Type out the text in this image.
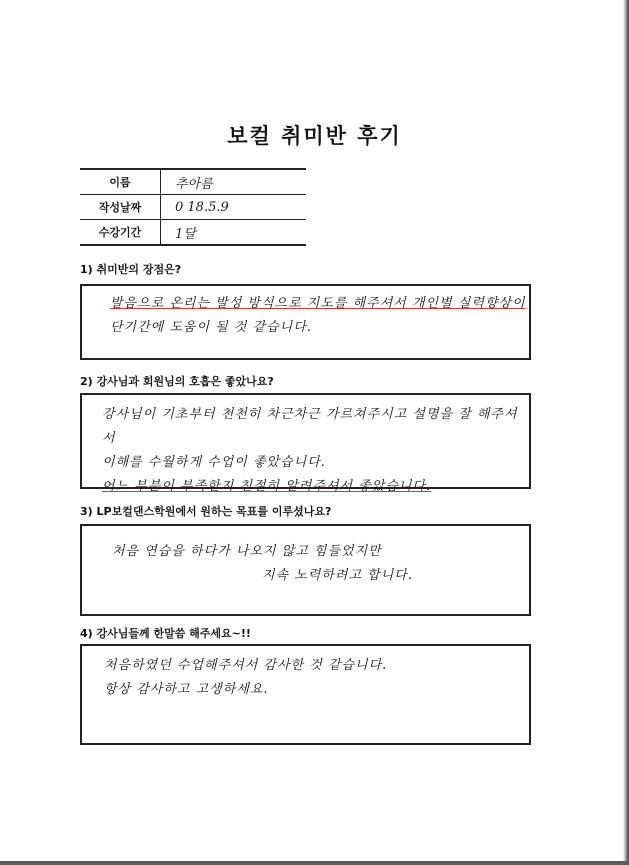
보컬 취미반 후기
이름	추아름
작성날짜	0 18.5.9
수강기간	1달
1) 취미반의 장점은?
발음으로 온리는 발성 방식으로 지도를 해주셔서 개인별 실력향상이
단기간에 도움이 될 것 같습니다.
2) 강사님과 회원님의 호흡은 좋았나요?
강사님이 기초부터 천천히 차근차근 가르쳐주시고 설명을 잘 해주셔서
이해를 수월하게 수업이 좋았습니다.
어느 부분이 부족한지 친절히 알려주셔서 좋았습니다.
3) LP보컬댄스학원에서 원하는 목표를 이루셨나요?
처음 연습을 하다가 나오지 않고 힘들었지만
지속 노력하려고 합니다.
4) 강사님들께 한말씀 해주세요~!!
처음하였던 수업해주셔서 감사한 것 같습니다.
항상 감사하고 고생하세요.
